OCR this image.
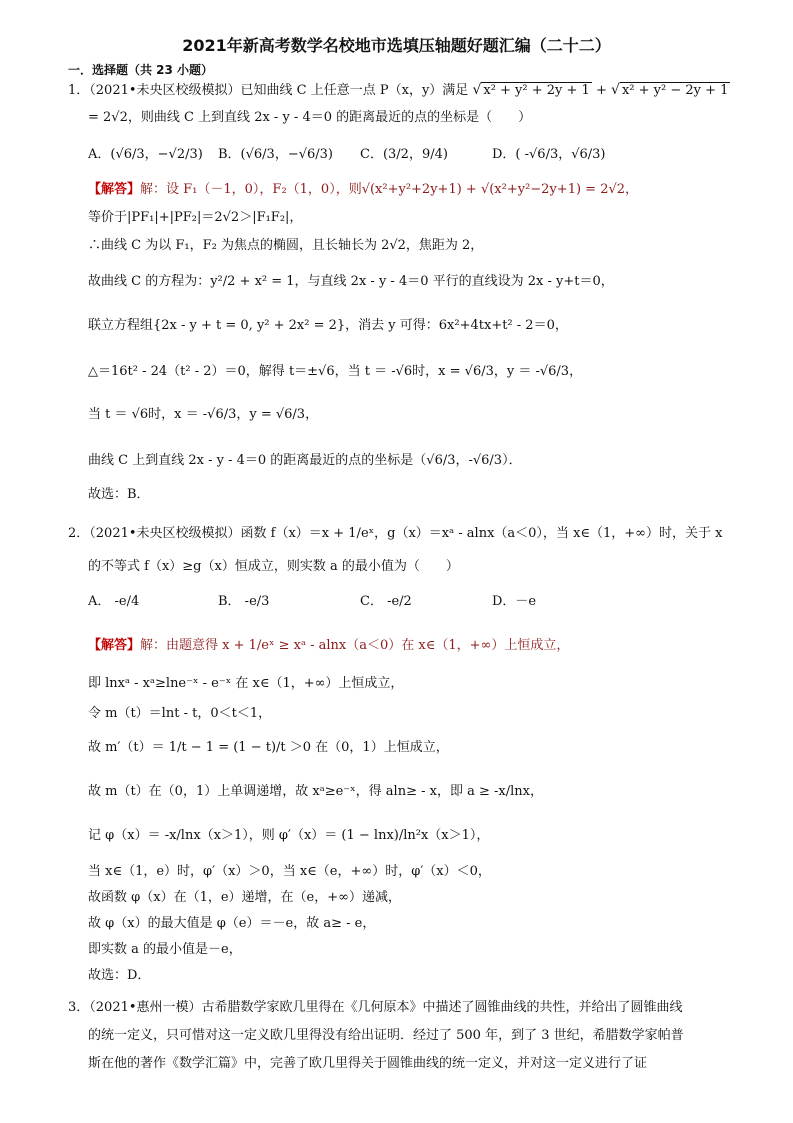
2021年新高考数学名校地市选填压轴题好题汇编（二十二）
一．选择题（共 23 小题）
1．（2021•未央区校级模拟）已知曲线 C 上任意一点 P（x，y）满足 √ x² + y² + 2y + 1 + √ x² + y² − 2y + 1
= 2√2，则曲线 C 上到直线 2x - y - 4＝0 的距离最近的点的坐标是（　　）
A．(√6/3，−√2/3) B．(√6/3，−√6/3) C．(3/2，9/4)	D．( -√6/3，√6/3)
【解答】解：设 F₁（－1，0），F₂（1，0），则√(x²+y²+2y+1) + √(x²+y²−2y+1) = 2√2，
等价于|PF₁|+|PF₂|＝2√2＞|F₁F₂|，
∴曲线 C 为以 F₁，F₂ 为焦点的椭圆，且长轴长为 2√2，焦距为 2，
故曲线 C 的方程为：y²/2 + x² = 1，与直线 2x - y - 4＝0 平行的直线设为 2x - y+t＝0，
联立方程组{2x - y + t = 0, y² + 2x² = 2}，消去 y 可得：6x²+4tx+t² - 2＝0，
△＝16t² - 24（t² - 2）＝0，解得 t＝±√6，当 t ＝ -√6时，x = √6/3，y ＝ -√6/3，
当 t ＝ √6时，x ＝ -√6/3，y = √6/3，
曲线 C 上到直线 2x - y - 4＝0 的距离最近的点的坐标是（√6/3，-√6/3）．
故选：B．
2．（2021•未央区校级模拟）函数 f（x）＝x + 1/eˣ，g（x）＝xᵃ - alnx（a＜0），当 x∈（1，+∞）时，关于 x
的不等式 f（x）≥g（x）恒成立，则实数 a 的最小值为（　　）
A． -e/4	B． -e/3	C． -e/2	D．－e
【解答】解：由题意得 x + 1/eˣ ≥ xᵃ - alnx（a＜0）在 x∈（1，+∞）上恒成立，
即 lnxᵃ - xᵃ≥lne⁻ˣ - e⁻ˣ 在 x∈（1，+∞）上恒成立，
令 m（t）＝lnt - t，0＜t＜1，
故 m′（t）＝ 1/t − 1 = (1 − t)/t ＞0 在（0，1）上恒成立，
故 m（t）在（0，1）上单调递增，故 xᵃ≥e⁻ˣ，得 aln≥ - x，即 a ≥ -x/lnx，
记 φ（x）＝ -x/lnx（x＞1），则 φ′（x）＝ (1 − lnx)/ln²x（x＞1），
当 x∈（1，e）时，φ′（x）＞0，当 x∈（e，+∞）时，φ′（x）＜0，
故函数 φ（x）在（1，e）递增，在（e，+∞）递减，
故 φ（x）的最大值是 φ（e）＝－e，故 a≥ - e，
即实数 a 的最小值是－e，
故选：D．
3．（2021•惠州一模）古希腊数学家欧几里得在《几何原本》中描述了圆锥曲线的共性，并给出了圆锥曲线
的统一定义，只可惜对这一定义欧几里得没有给出证明．经过了 500 年，到了 3 世纪，希腊数学家帕普
斯在他的著作《数学汇篇》中，完善了欧几里得关于圆锥曲线的统一定义，并对这一定义进行了证
